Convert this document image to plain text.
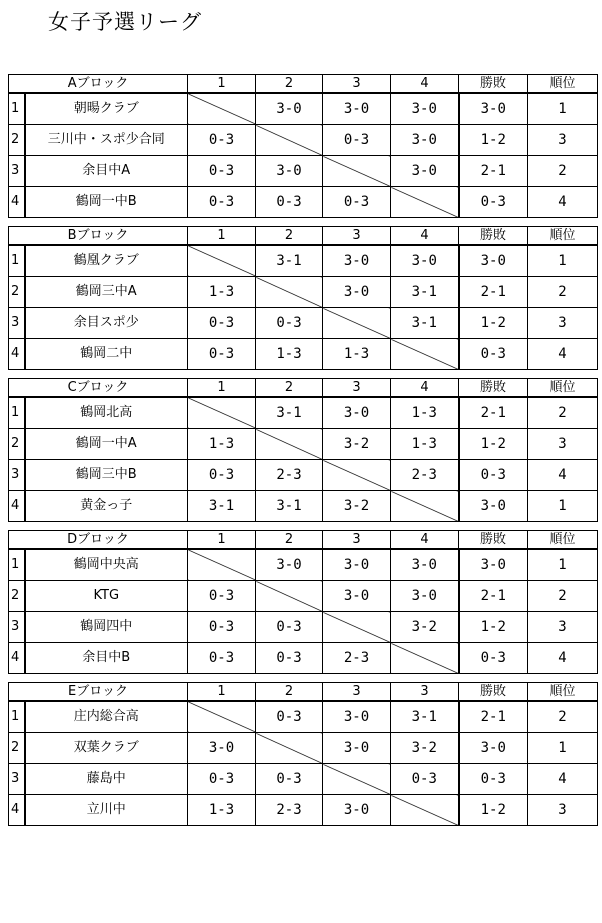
女子予選リーグ
Aブロック		1	2	3	4	勝敗	順位
1	朝暘クラブ		3-0	3-0	3-0	3-0	1
2	三川中・スポ少合同	0-3		0-3	3-0	1-2	3
3	余目中A	0-3	3-0		3-0	2-1	2
4	鶴岡一中B	0-3	0-3	0-3		0-3	4
Bブロック		1	2	3	4	勝敗	順位
1	鶴凰クラブ		3-1	3-0	3-0	3-0	1
2	鶴岡三中A	1-3		3-0	3-1	2-1	2
3	余目スポ少	0-3	0-3		3-1	1-2	3
4	鶴岡二中	0-3	1-3	1-3		0-3	4
Cブロック		1	2	3	4	勝敗	順位
1	鶴岡北高		3-1	3-0	1-3	2-1	2
2	鶴岡一中A	1-3		3-2	1-3	1-2	3
3	鶴岡三中B	0-3	2-3		2-3	0-3	4
4	黄金っ子	3-1	3-1	3-2		3-0	1
Dブロック		1	2	3	4	勝敗	順位
1	鶴岡中央高		3-0	3-0	3-0	3-0	1
2	KTG	0-3		3-0	3-0	2-1	2
3	鶴岡四中	0-3	0-3		3-2	1-2	3
4	余目中B	0-3	0-3	2-3		0-3	4
Eブロック		1	2	3	3	勝敗	順位
1	庄内総合高		0-3	3-0	3-1	2-1	2
2	双葉クラブ	3-0		3-0	3-2	3-0	1
3	藤島中	0-3	0-3		0-3	0-3	4
4	立川中	1-3	2-3	3-0		1-2	3
